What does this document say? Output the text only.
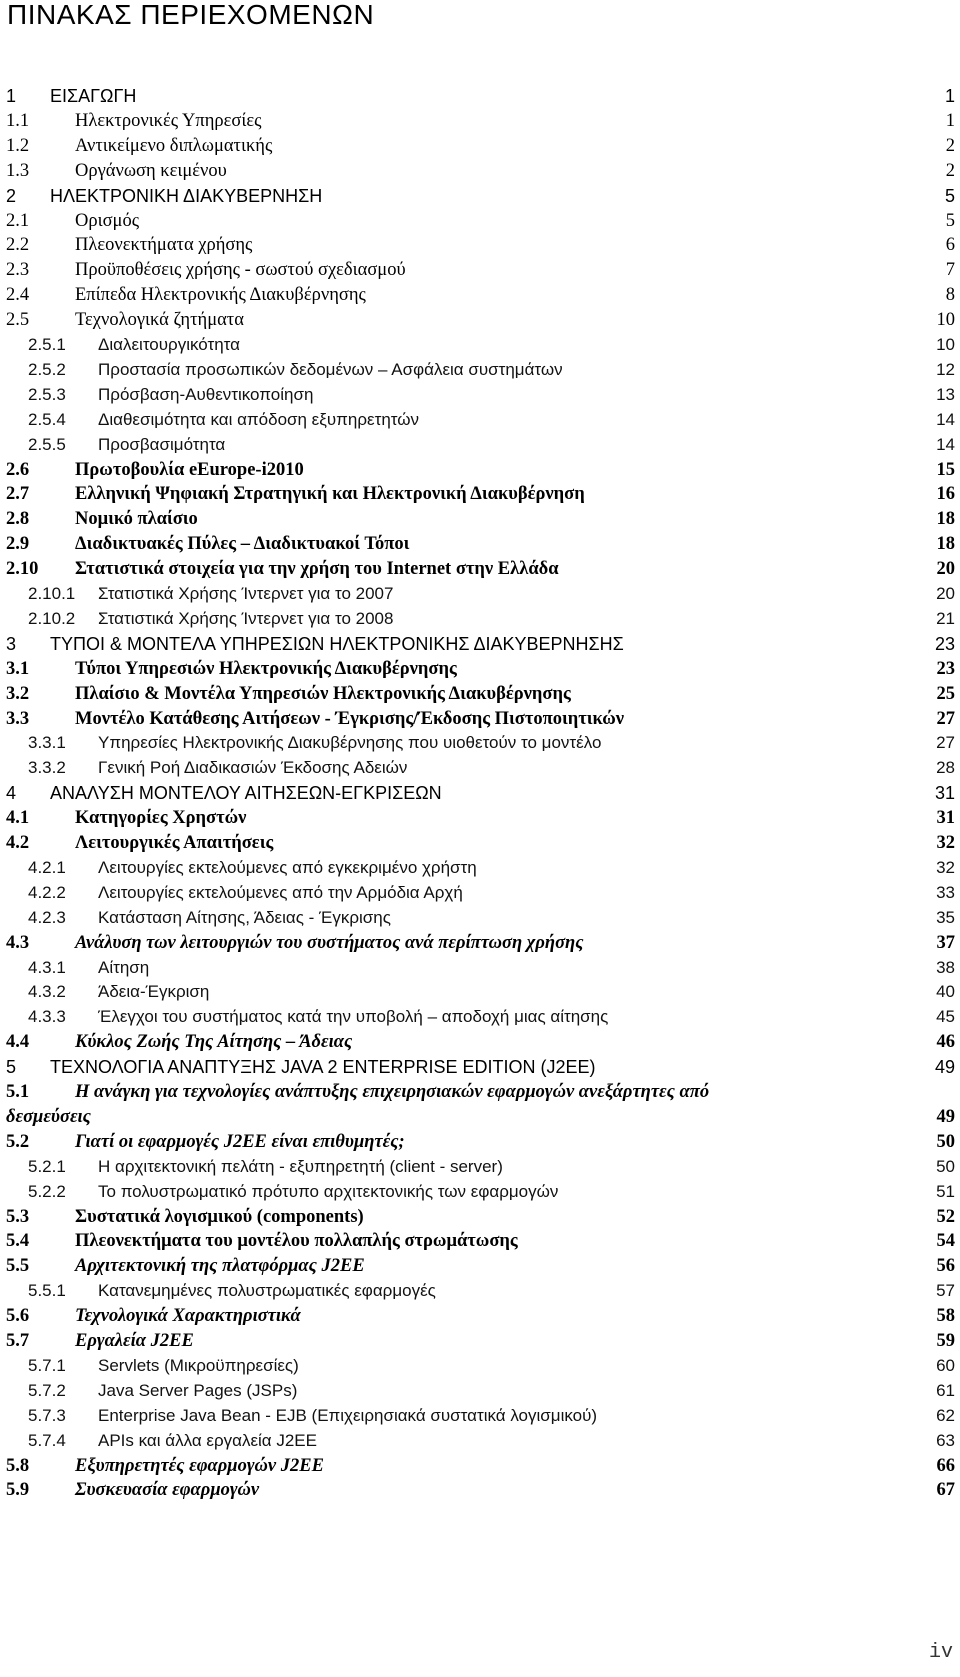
ΠΙΝΑΚΑΣ ΠΕΡΙΕΧΟΜΕΝΩΝ
1 ΕΙΣΑΓΩΓΗ	1
1.1 Ηλεκτρονικές Υπηρεσίες	1
1.2 Αντικείμενο διπλωματικής	2
1.3 Οργάνωση κειμένου	2
2 ΗΛΕΚΤΡΟΝΙΚΗ ΔΙΑΚΥΒΕΡΝΗΣΗ	5
2.1 Ορισμός	5
2.2 Πλεονεκτήματα χρήσης	6
2.3 Προϋποθέσεις χρήσης - σωστού σχεδιασμού	7
2.4 Επίπεδα Ηλεκτρονικής Διακυβέρνησης	8
2.5 Τεχνολογικά ζητήματα	10
2.5.1 Διαλειτουργικότητα	10
2.5.2 Προστασία προσωπικών δεδομένων – Ασφάλεια συστημάτων	12
2.5.3 Πρόσβαση-Αυθεντικοποίηση	13
2.5.4 Διαθεσιμότητα και απόδοση εξυπηρετητών	14
2.5.5 Προσβασιμότητα	14
2.6 Πρωτοβουλία eEurope-i2010	15
2.7 Ελληνική Ψηφιακή Στρατηγική και Ηλεκτρονική Διακυβέρνηση	16
2.8 Νομικό πλαίσιο	18
2.9 Διαδικτυακές Πύλες – Διαδικτυακοί Τόποι	18
2.10 Στατιστικά στοιχεία για την χρήση του Internet στην Ελλάδα	20
2.10.1 Στατιστικά Χρήσης Ίντερνετ για το 2007	20
2.10.2 Στατιστικά Χρήσης Ίντερνετ για το 2008	21
3 ΤΥΠΟΙ & ΜΟΝΤΕΛΑ ΥΠΗΡΕΣΙΩΝ ΗΛΕΚΤΡΟΝΙΚΗΣ ΔΙΑΚΥΒΕΡΝΗΣΗΣ	23
3.1 Τύποι Υπηρεσιών Ηλεκτρονικής Διακυβέρνησης	23
3.2 Πλαίσιο & Μοντέλα Υπηρεσιών Ηλεκτρονικής Διακυβέρνησης	25
3.3 Μοντέλο Κατάθεσης Αιτήσεων - Έγκρισης/Έκδοσης Πιστοποιητικών	27
3.3.1 Υπηρεσίες Ηλεκτρονικής Διακυβέρνησης που υιοθετούν το μοντέλο	27
3.3.2 Γενική Ροή Διαδικασιών Έκδοσης Αδειών	28
4 ΑΝΑΛΥΣΗ ΜΟΝΤΕΛΟΥ ΑΙΤΗΣΕΩΝ-ΕΓΚΡΙΣΕΩΝ	31
4.1 Κατηγορίες Χρηστών	31
4.2 Λειτουργικές Απαιτήσεις	32
4.2.1 Λειτουργίες εκτελούμενες από εγκεκριμένο χρήστη	32
4.2.2 Λειτουργίες εκτελούμενες από την Αρμόδια Αρχή	33
4.2.3 Κατάσταση Αίτησης, Άδειας - Έγκρισης	35
4.3 Ανάλυση των λειτουργιών του συστήματος ανά περίπτωση χρήσης	37
4.3.1 Αίτηση	38
4.3.2 Άδεια-Έγκριση	40
4.3.3 Έλεγχοι του συστήματος κατά την υποβολή – αποδοχή μιας αίτησης	45
4.4 Κύκλος Ζωής Της Αίτησης – Άδειας	46
5 ΤΕΧΝΟΛΟΓΙΑ ΑΝΑΠΤΥΞΗΣ JAVA 2 ENTERPRISE EDITION (J2EE)	49
5.1 Η ανάγκη για τεχνολογίες ανάπτυξης επιχειρησιακών εφαρμογών ανεξάρτητες από
δεσμεύσεις	49
5.2 Γιατί οι εφαρμογές J2EE είναι επιθυμητές;	50
5.2.1 Η αρχιτεκτονική πελάτη - εξυπηρετητή (client - server)	50
5.2.2 Το πολυστρωματικό πρότυπο αρχιτεκτονικής των εφαρμογών	51
5.3 Συστατικά λογισμικού (components)	52
5.4 Πλεονεκτήματα του μοντέλου πολλαπλής στρωμάτωσης	54
5.5 Αρχιτεκτονική της πλατφόρμας J2EE	56
5.5.1 Κατανεμημένες πολυστρωματικές εφαρμογές	57
5.6 Τεχνολογικά Χαρακτηριστικά	58
5.7 Εργαλεία J2EE	59
5.7.1 Servlets (Μικροϋπηρεσίες)	60
5.7.2 Java Server Pages (JSPs)	61
5.7.3 Enterprise Java Bean - EJB (Επιχειρησιακά συστατικά λογισμικού)	62
5.7.4 APIs και άλλα εργαλεία J2EE	63
5.8 Εξυπηρετητές εφαρμογών J2EE	66
5.9 Συσκευασία εφαρμογών	67
iv
